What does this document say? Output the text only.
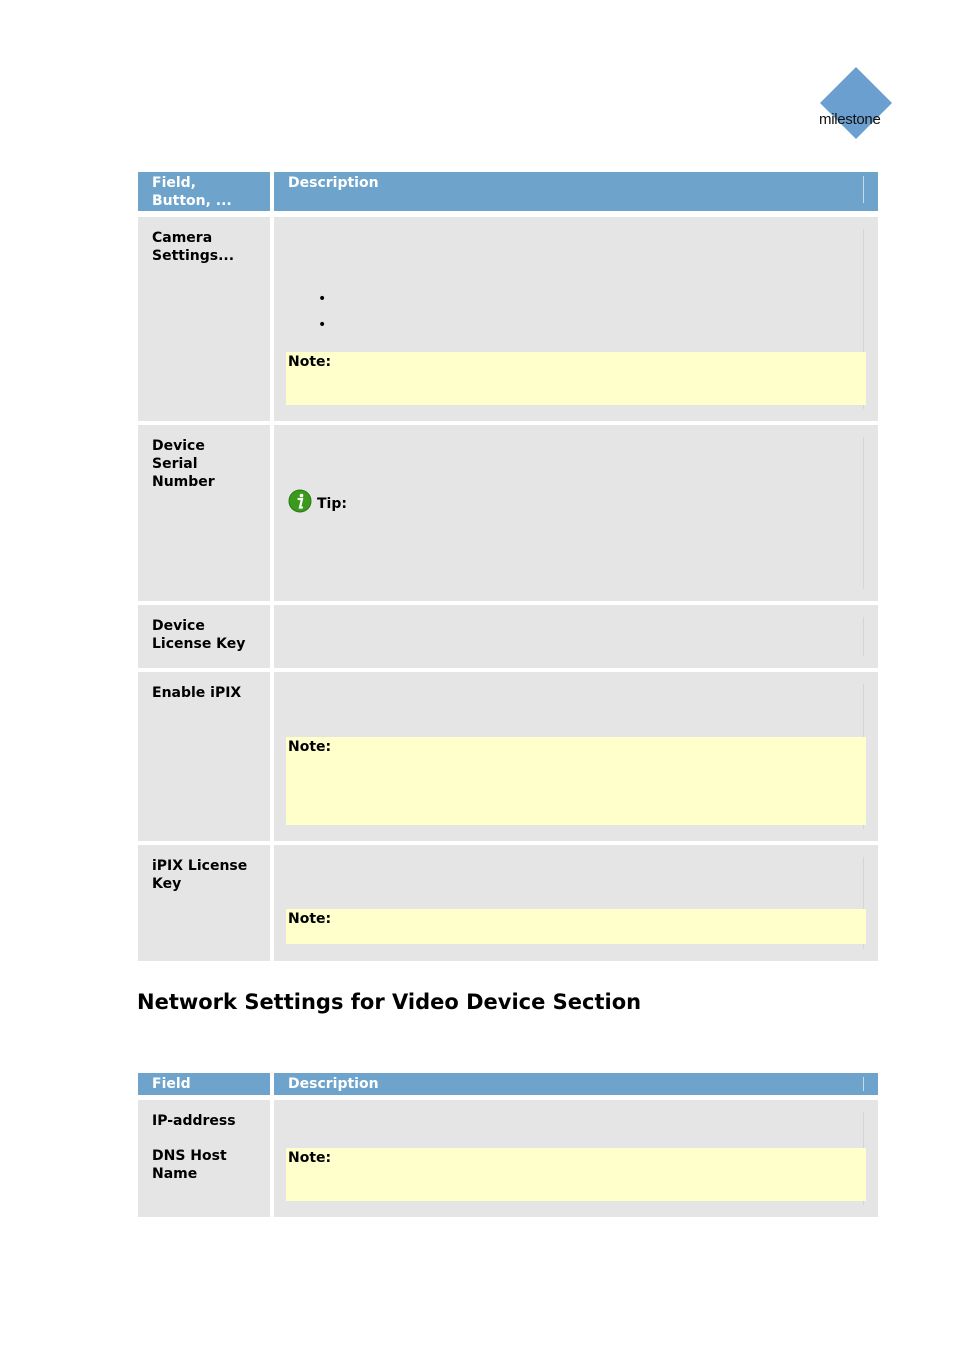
milestone
Field,
Button, ...
Description
Camera
Settings...
•
•
Note:
Device
Serial
Number
Tip:
Device
License Key
Enable iPIX
Note:
iPIX License
Key
Note:
Network Settings for Video Device Section
Field	Description
IP-address
DNS Host
Name
Note:
